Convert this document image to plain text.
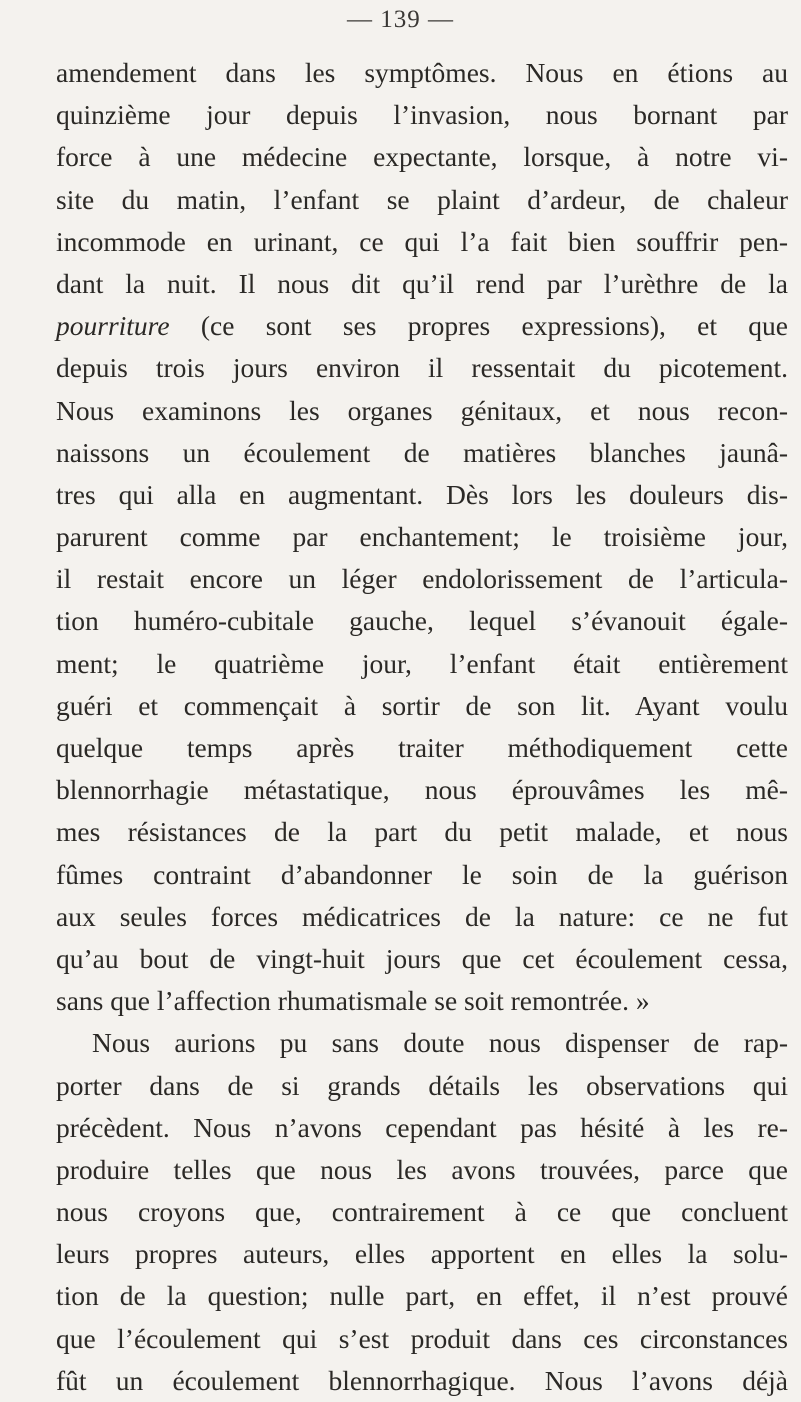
— 139 —
amendement dans les symptômes. Nous en étions au
quinzième jour depuis l’invasion, nous bornant par
force à une médecine expectante, lorsque, à notre vi-
site du matin, l’enfant se plaint d’ardeur, de chaleur
incommode en urinant, ce qui l’a fait bien souffrir pen-
dant la nuit. Il nous dit qu’il rend par l’urèthre de la
pourriture (ce sont ses propres expressions), et que
depuis trois jours environ il ressentait du picotement.
Nous examinons les organes génitaux, et nous recon-
naissons un écoulement de matières blanches jaunâ-
tres qui alla en augmentant. Dès lors les douleurs dis-
parurent comme par enchantement; le troisième jour,
il restait encore un léger endolorissement de l’articula-
tion huméro-cubitale gauche, lequel s’évanouit égale-
ment; le quatrième jour, l’enfant était entièrement
guéri et commençait à sortir de son lit. Ayant voulu
quelque temps après traiter méthodiquement cette
blennorrhagie métastatique, nous éprouvâmes les mê-
mes résistances de la part du petit malade, et nous
fûmes contraint d’abandonner le soin de la guérison
aux seules forces médicatrices de la nature: ce ne fut
qu’au bout de vingt-huit jours que cet écoulement cessa,
sans que l’affection rhumatismale se soit remontrée. »
Nous aurions pu sans doute nous dispenser de rap-
porter dans de si grands détails les observations qui
précèdent. Nous n’avons cependant pas hésité à les re-
produire telles que nous les avons trouvées, parce que
nous croyons que, contrairement à ce que concluent
leurs propres auteurs, elles apportent en elles la solu-
tion de la question; nulle part, en effet, il n’est prouvé
que l’écoulement qui s’est produit dans ces circonstances
fût un écoulement blennorrhagique. Nous l’avons déjà
